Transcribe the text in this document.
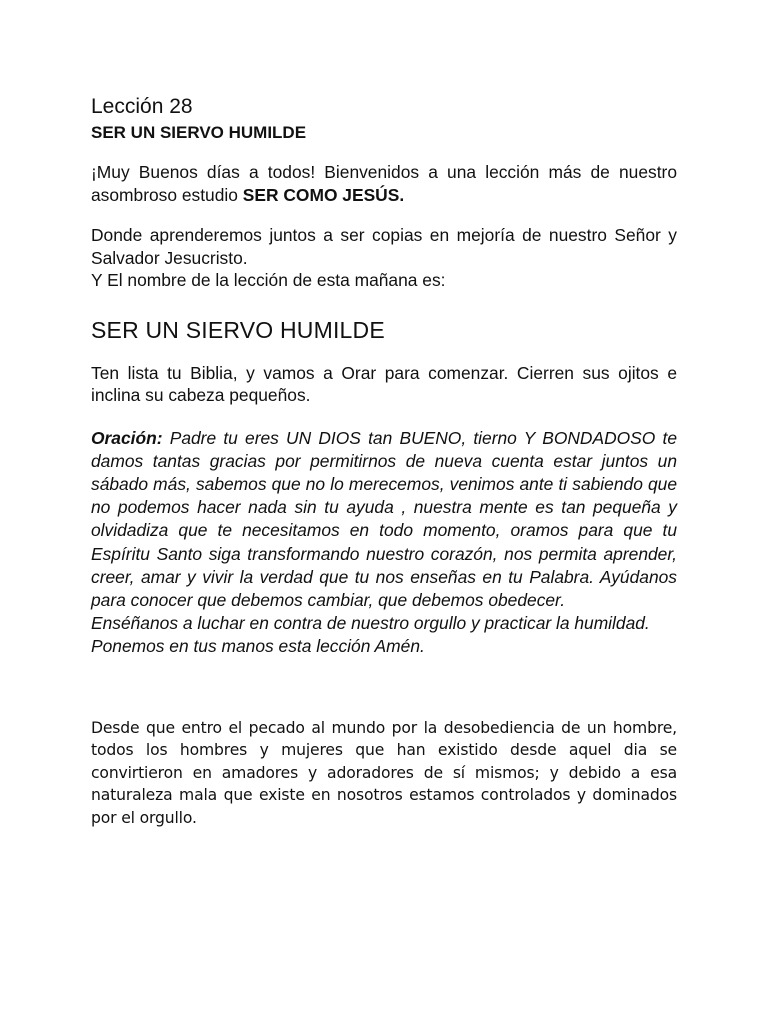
Lección 28
SER UN SIERVO HUMILDE

¡Muy Buenos días a todos! Bienvenidos a una lección más de nuestro asombroso estudio SER COMO JESÚS.

Donde aprenderemos juntos a ser copias en mejoría de nuestro Señor y Salvador Jesucristo.
Y El nombre de la lección de esta mañana es:

SER UN SIERVO HUMILDE

Ten lista tu Biblia, y vamos a Orar para comenzar. Cierren sus ojitos e inclina su cabeza pequeños.

Oración: Padre tu eres UN DIOS tan BUENO, tierno Y BONDADOSO te damos tantas gracias por permitirnos de nueva cuenta estar juntos un sábado más, sabemos que no lo merecemos, venimos ante ti sabiendo que no podemos hacer nada sin tu ayuda , nuestra mente es tan pequeña y olvidadiza que te necesitamos en todo momento, oramos para que tu Espíritu Santo siga transformando nuestro corazón, nos permita aprender, creer, amar y vivir la verdad que tu nos enseñas en tu Palabra. Ayúdanos para conocer que debemos cambiar, que debemos obedecer.
Enséñanos a luchar en contra de nuestro orgullo y practicar la humildad.
Ponemos en tus manos esta lección Amén.

Desde que entro el pecado al mundo por la desobediencia de un hombre, todos los hombres y mujeres que han existido desde aquel dia se convirtieron en amadores y adoradores de sí mismos; y debido a esa naturaleza mala que existe en nosotros estamos controlados y dominados por el orgullo.
